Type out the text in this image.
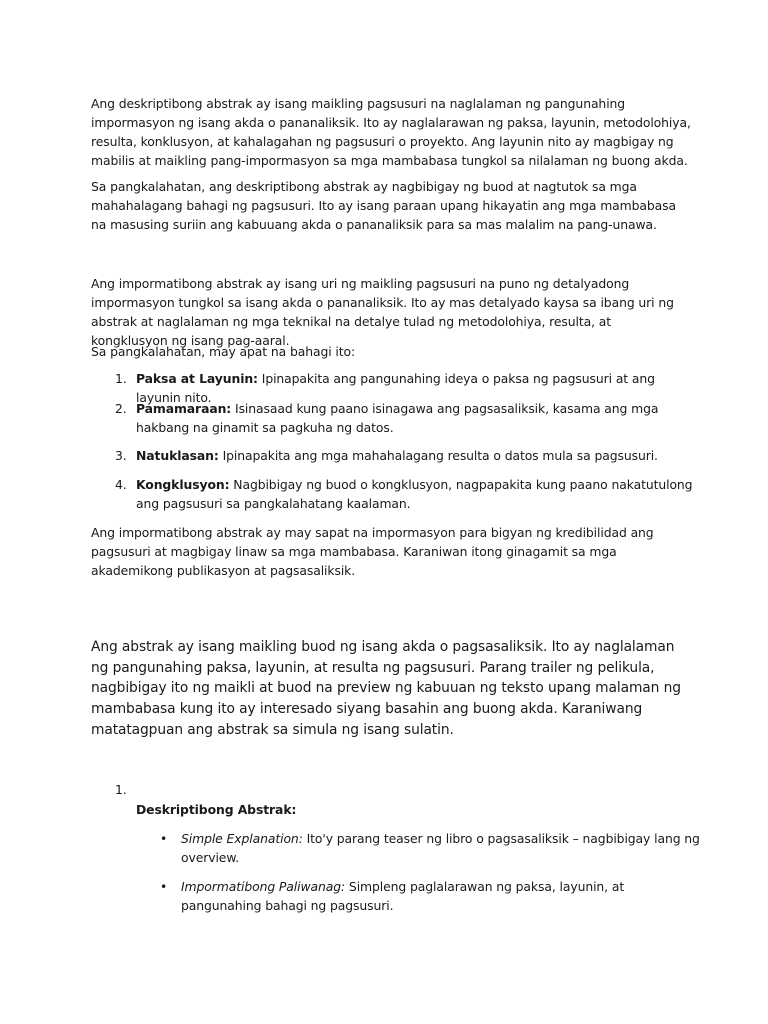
Ang deskriptibong abstrak ay isang maikling pagsusuri na naglalaman ng pangunahing impormasyon ng isang akda o pananaliksik. Ito ay naglalarawan ng paksa, layunin, metodolohiya, resulta, konklusyon, at kahalagahan ng pagsusuri o proyekto. Ang layunin nito ay magbigay ng mabilis at maikling pang-impormasyon sa mga mambabasa tungkol sa nilalaman ng buong akda.

Sa pangkalahatan, ang deskriptibong abstrak ay nagbibigay ng buod at nagtutok sa mga mahahalagang bahagi ng pagsusuri. Ito ay isang paraan upang hikayatin ang mga mambabasa na masusing suriin ang kabuuang akda o pananaliksik para sa mas malalim na pang-unawa.

Ang impormatibong abstrak ay isang uri ng maikling pagsusuri na puno ng detalyadong impormasyon tungkol sa isang akda o pananaliksik. Ito ay mas detalyado kaysa sa ibang uri ng abstrak at naglalaman ng mga teknikal na detalye tulad ng metodolohiya, resulta, at kongklusyon ng isang pag-aaral.

Sa pangkalahatan, may apat na bahagi ito:

1. Paksa at Layunin: Ipinapakita ang pangunahing ideya o paksa ng pagsusuri at ang layunin nito.
2. Pamamaraan: Isinasaad kung paano isinagawa ang pagsasaliksik, kasama ang mga hakbang na ginamit sa pagkuha ng datos.
3. Natuklasan: Ipinapakita ang mga mahahalagang resulta o datos mula sa pagsusuri.
4. Kongklusyon: Nagbibigay ng buod o kongklusyon, nagpapakita kung paano nakatutulong ang pagsusuri sa pangkalahatang kaalaman.

Ang impormatibong abstrak ay may sapat na impormasyon para bigyan ng kredibilidad ang pagsusuri at magbigay linaw sa mga mambabasa. Karaniwan itong ginagamit sa mga akademikong publikasyon at pagsasaliksik.

Ang abstrak ay isang maikling buod ng isang akda o pagsasaliksik. Ito ay naglalaman ng pangunahing paksa, layunin, at resulta ng pagsusuri. Parang trailer ng pelikula, nagbibigay ito ng maikli at buod na preview ng kabuuan ng teksto upang malaman ng mambabasa kung ito ay interesado siyang basahin ang buong akda. Karaniwang matatagpuan ang abstrak sa simula ng isang sulatin.

1.
Deskriptibong Abstrak:
• Simple Explanation: Ito'y parang teaser ng libro o pagsasaliksik – nagbibigay lang ng overview.
• Impormatibong Paliwanag: Simpleng paglalarawan ng paksa, layunin, at pangunahing bahagi ng pagsusuri.
